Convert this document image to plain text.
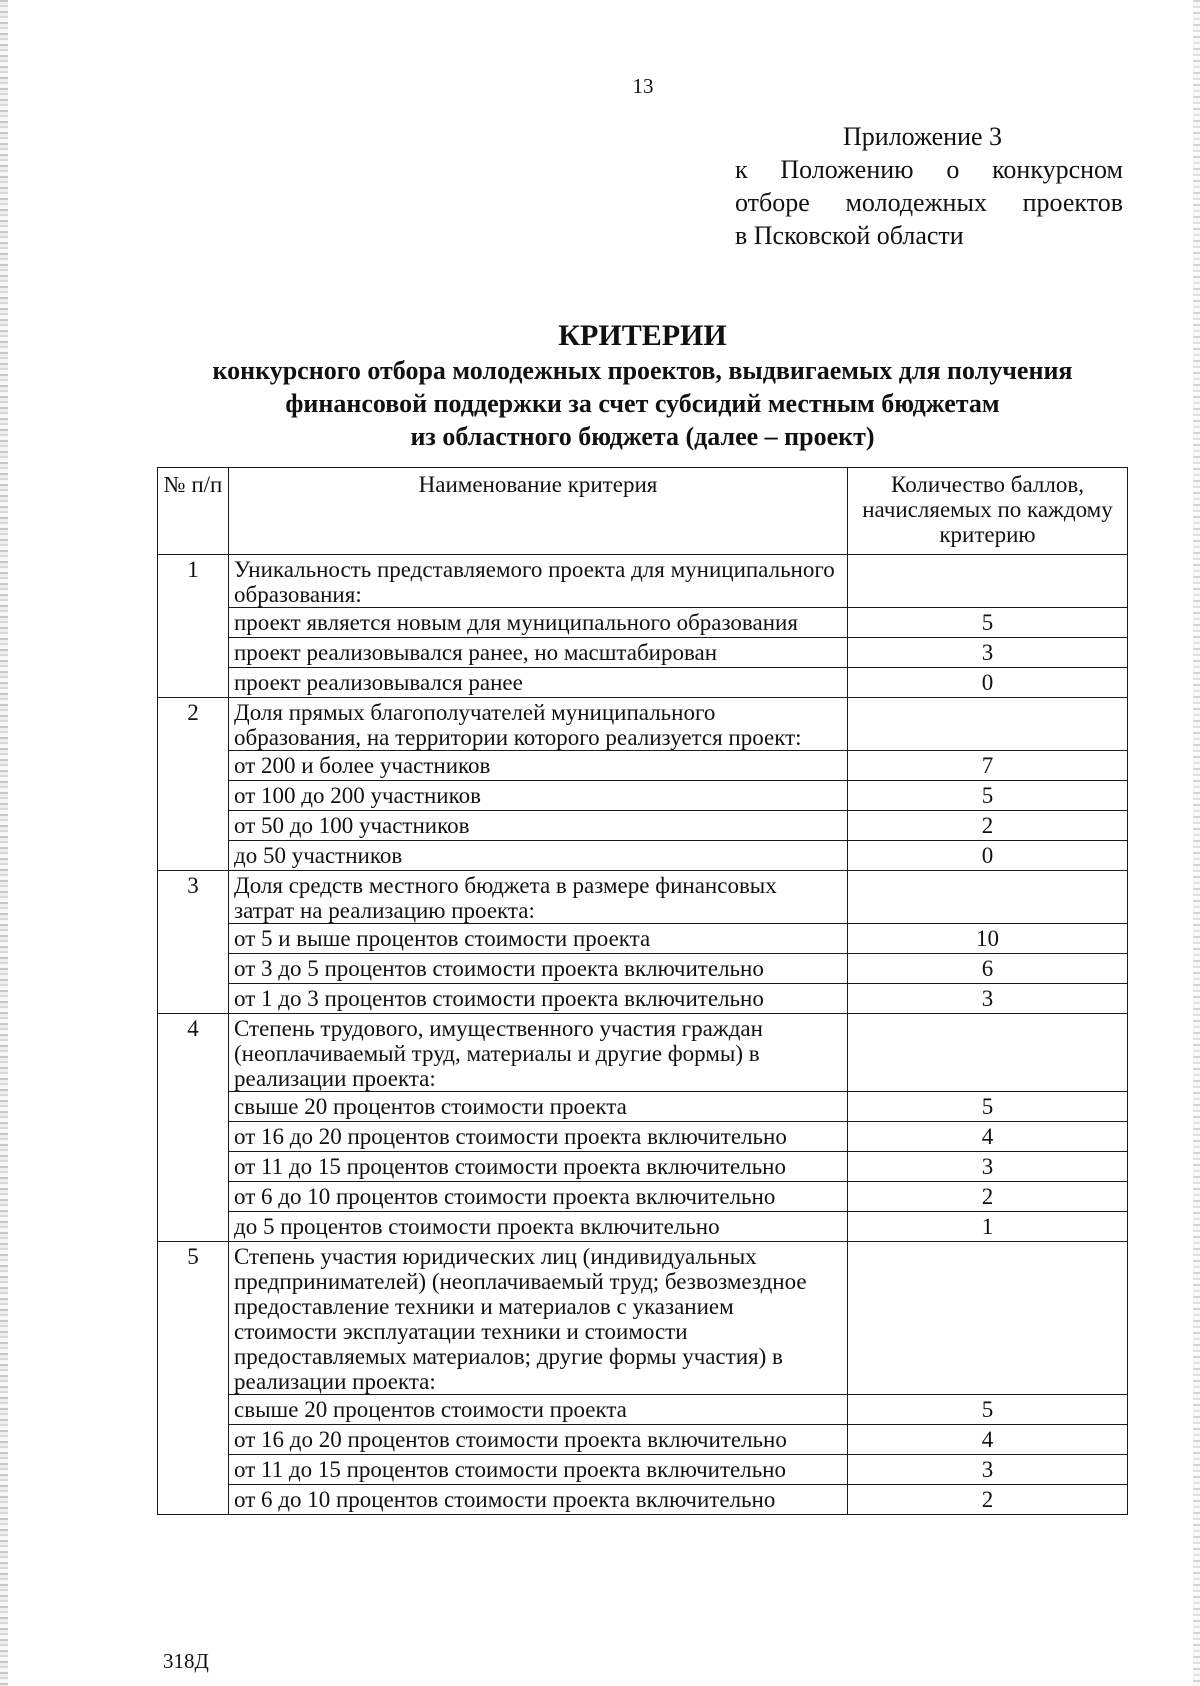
13
Приложение 3
к Положению о конкурсном
отборе молодежных проектов
в Псковской области
КРИТЕРИИ
конкурсного отбора молодежных проектов, выдвигаемых для получения
финансовой поддержки за счет субсидий местным бюджетам
из областного бюджета (далее – проект)
№ п/п	Наименование критерия	Количество баллов, начисляемых по каждому критерию
1	Уникальность представляемого проекта для муниципального образования:	
	проект является новым для муниципального образования	5
	проект реализовывался ранее, но масштабирован	3
	проект реализовывался ранее	0
2	Доля прямых благополучателей муниципального образования, на территории которого реализуется проект:	
	от 200 и более участников	7
	от 100 до 200 участников	5
	от 50 до 100 участников	2
	до 50 участников	0
3	Доля средств местного бюджета в размере финансовых затрат на реализацию проекта:	
	от 5 и выше процентов стоимости проекта	10
	от 3 до 5 процентов стоимости проекта включительно	6
	от 1 до 3 процентов стоимости проекта включительно	3
4	Степень трудового, имущественного участия граждан (неоплачиваемый труд, материалы и другие формы) в реализации проекта:	
	свыше 20 процентов стоимости проекта	5
	от 16 до 20 процентов стоимости проекта включительно	4
	от 11 до 15 процентов стоимости проекта включительно	3
	от 6 до 10 процентов стоимости проекта включительно	2
	до 5 процентов стоимости проекта включительно	1
5	Степень участия юридических лиц (индивидуальных предпринимателей) (неоплачиваемый труд; безвозмездное предоставление техники и материалов с указанием стоимости эксплуатации техники и стоимости предоставляемых материалов; другие формы участия) в реализации проекта:	
	свыше 20 процентов стоимости проекта	5
	от 16 до 20 процентов стоимости проекта включительно	4
	от 11 до 15 процентов стоимости проекта включительно	3
	от 6 до 10 процентов стоимости проекта включительно	2
318Д
